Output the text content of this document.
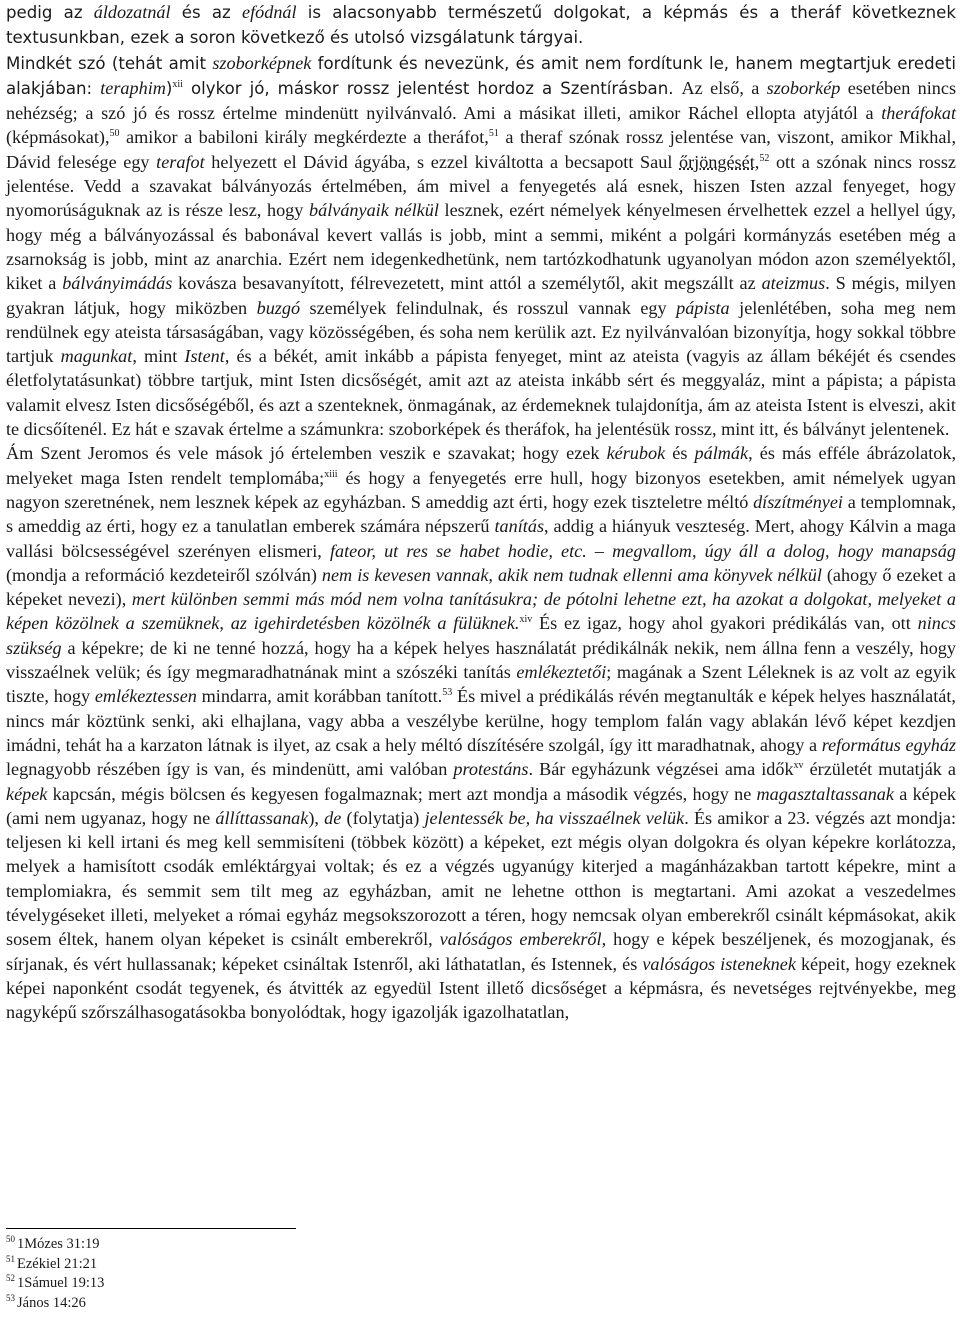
pedig az áldozatnál és az efódnál is alacsonyabb természetű dolgokat, a képmás és a theráf következnek textusunkban, ezek a soron következő és utolsó vizsgálatunk tárgyai.

Mindkét szó (tehát amit szoborképnek fordítunk és nevezünk, és amit nem fordítunk le, hanem megtartjuk eredeti alakjában: teraphim)$^{xii}$ olykor jó, máskor rossz jelentést hordoz a Szentírásban. Az első, a szoborkép esetében nincs nehézség; a szó jó és rossz értelme mindenütt nyilvánvaló. Ami a másikat illeti, amikor Ráchel ellopta atyjától a theráfokat (képmásokat),$^{50}$ amikor a babiloni király megkérdezte a theráfot,$^{51}$ a theraf szónak rossz jelentése van, viszont, amikor Mikhal, Dávid felesége egy terafot helyezett el Dávid ágyába, s ezzel kiváltotta a becsapott Saul őrjöngését,$^{52}$ ott a szónak nincs rossz jelentése. Vedd a szavakat bálványozás értelmében, ám mivel a fenyegetés alá esnek, hiszen Isten azzal fenyeget, hogy nyomorúságuknak az is része lesz, hogy bálványaik nélkül lesznek, ezért némelyek kényelmesen érvelhettek ezzel a hellyel úgy, hogy még a bálványozással és babonával kevert vallás is jobb, mint a semmi, miként a polgári kormányzás esetében még a zsarnokság is jobb, mint az anarchia. Ezért nem idegenkedhetünk, nem tartózkodhatunk ugyanolyan módon azon személyektől, kiket a bálványimádás kovásza besavanyított, félrevezetett, mint attól a személytől, akit megszállt az ateizmus. S mégis, milyen gyakran látjuk, hogy miközben buzgó személyek felindulnak, és rosszul vannak egy pápista jelenlétében, soha meg nem rendülnek egy ateista társaságában, vagy közösségében, és soha nem kerülik azt. Ez nyilvánvalóan bizonyítja, hogy sokkal többre tartjuk magunkat, mint Istent, és a békét, amit inkább a pápista fenyeget, mint az ateista (vagyis az állam békéjét és csendes életfolytatásunkat) többre tartjuk, mint Isten dicsőségét, amit azt az ateista inkább sért és meggyaláz, mint a pápista; a pápista valamit elvesz Isten dicsőségéből, és azt a szenteknek, önmagának, az érdemeknek tulajdonítja, ám az ateista Istent is elveszi, akit te dicsőítenél. Ez hát e szavak értelme a számunkra: szoborképek és theráfok, ha jelentésük rossz, mint itt, és bálványt jelentenek.

Ám Szent Jeromos és vele mások jó értelemben veszik e szavakat; hogy ezek kérubok és pálmák, és más efféle ábrázolatok, melyeket maga Isten rendelt templomába;$^{xiii}$ és hogy a fenyegetés erre hull, hogy bizonyos esetekben, amit némelyek ugyan nagyon szeretnének, nem lesznek képek az egyházban. S ameddig azt érti, hogy ezek tiszteletre méltó díszítményei a templomnak, s ameddig az érti, hogy ez a tanulatlan emberek számára népszerű tanítás, addig a hiányuk veszteség. Mert, ahogy Kálvin a maga vallási bölcsességével szerényen elismeri, fateor, ut res se habet hodie, etc. – megvallom, úgy áll a dolog, hogy manapság (mondja a reformáció kezdeteiről szólván) nem is kevesen vannak, akik nem tudnak ellenni ama könyvek nélkül (ahogy ő ezeket a képeket nevezi), mert különben semmi más mód nem volna tanításukra; de pótolni lehetne ezt, ha azokat a dolgokat, melyeket a képen közölnek a szemüknek, az igehirdetésben közölnék a fülüknek.$^{xiv}$ És ez igaz, hogy ahol gyakori prédikálás van, ott nincs szükség a képekre; de ki ne tenné hozzá, hogy ha a képek helyes használatát prédikálnák nekik, nem állna fenn a veszély, hogy visszaélnek velük; és így megmaradhatnának mint a szószéki tanítás emlékeztetői; magának a Szent Léleknek is az volt az egyik tiszte, hogy emlékeztessen mindarra, amit korábban tanított.$^{53}$ És mivel a prédikálás révén megtanulták e képek helyes használatát, nincs már köztünk senki, aki elhajlana, vagy abba a veszélybe kerülne, hogy templom falán vagy ablakán lévő képet kezdjen imádni, tehát ha a karzaton látnak is ilyet, az csak a hely méltó díszítésére szolgál, így itt maradhatnak, ahogy a református egyház legnagyobb részében így is van, és mindenütt, ami valóban protestáns. Bár egyházunk végzései ama idők$^{xv}$ érzületét mutatják a képek kapcsán, mégis bölcsen és kegyesen fogalmaznak; mert azt mondja a második végzés, hogy ne magasztaltassanak a képek (ami nem ugyanaz, hogy ne állíttassanak), de (folytatja) jelentessék be, ha visszaélnek velük. És amikor a 23. végzés azt mondja: teljesen ki kell irtani és meg kell semmisíteni (többek között) a képeket, ezt mégis olyan dolgokra és olyan képekre korlátozza, melyek a hamisított csodák emléktárgyai voltak; és ez a végzés ugyanúgy kiterjed a magánházakban tartott képekre, mint a templomiakra, és semmit sem tilt meg az egyházban, amit ne lehetne otthon is megtartani. Ami azokat a veszedelmes tévelygéseket illeti, melyeket a római egyház megsokszorozott a téren, hogy nemcsak olyan emberekről csinált képmásokat, akik sosem éltek, hanem olyan képeket is csinált emberekről, valóságos emberekről, hogy e képek beszéljenek, és mozogjanak, és sírjanak, és vért hullassanak; képeket csináltak Istenről, aki láthatatlan, és Istennek, és valóságos isteneknek képeit, hogy ezeknek képei naponként csodát tegyenek, és átvitték az egyedül Istent illető dicsőséget a képmásra, és nevetséges rejtvényekbe, meg nagyképű szőrszálhasogatásokba bonyolódtak, hogy igazolják igazolhatatlan,

$^{50}$ 1Mózes 31:19
$^{51}$ Ezékiel 21:21
$^{52}$ 1Sámuel 19:13
$^{53}$ János 14:26
